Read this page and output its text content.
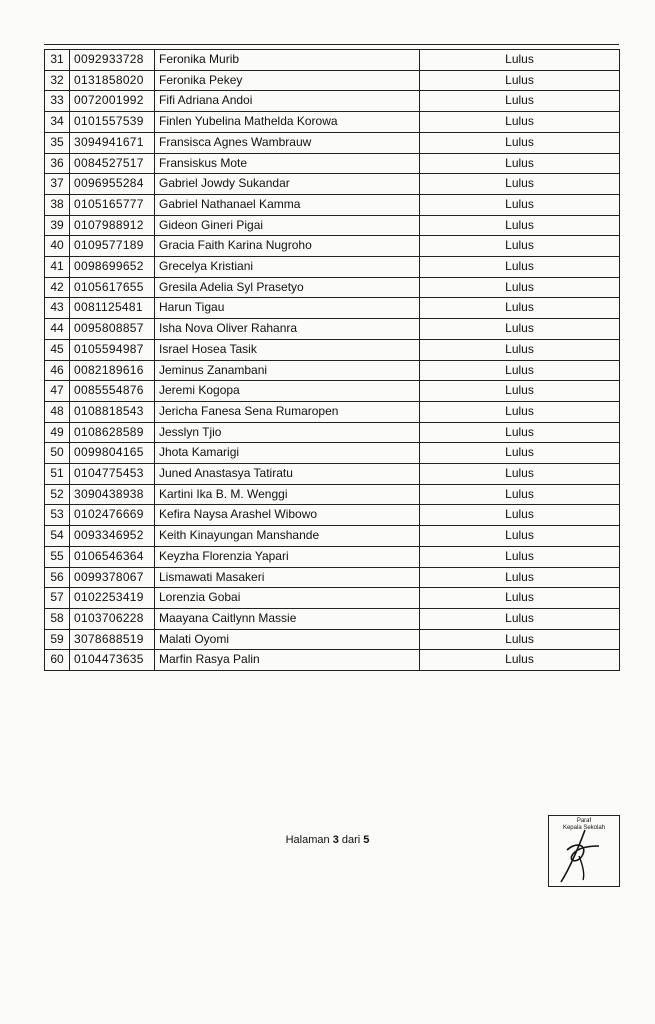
31	0092933728	Feronika Murib	Lulus
32	0131858020	Feronika Pekey	Lulus
33	0072001992	Fifi Adriana Andoi	Lulus
34	0101557539	Finlen Yubelina Mathelda Korowa	Lulus
35	3094941671	Fransisca Agnes Wambrauw	Lulus
36	0084527517	Fransiskus Mote	Lulus
37	0096955284	Gabriel Jowdy Sukandar	Lulus
38	0105165777	Gabriel Nathanael Kamma	Lulus
39	0107988912	Gideon Gineri Pigai	Lulus
40	0109577189	Gracia Faith Karina Nugroho	Lulus
41	0098699652	Grecelya Kristiani	Lulus
42	0105617655	Gresila Adelia Syl Prasetyo	Lulus
43	0081125481	Harun Tigau	Lulus
44	0095808857	Isha Nova Oliver Rahanra	Lulus
45	0105594987	Israel Hosea Tasik	Lulus
46	0082189616	Jeminus Zanambani	Lulus
47	0085554876	Jeremi Kogopa	Lulus
48	0108818543	Jericha Fanesa Sena Rumaropen	Lulus
49	0108628589	Jesslyn Tjio	Lulus
50	0099804165	Jhota Kamarigi	Lulus
51	0104775453	Juned Anastasya Tatiratu	Lulus
52	3090438938	Kartini Ika B. M. Wenggi	Lulus
53	0102476669	Kefira Naysa Arashel Wibowo	Lulus
54	0093346952	Keith Kinayungan Manshande	Lulus
55	0106546364	Keyzha Florenzia Yapari	Lulus
56	0099378067	Lismawati Masakeri	Lulus
57	0102253419	Lorenzia Gobai	Lulus
58	0103706228	Maayana Caitlynn Massie	Lulus
59	3078688519	Malati Oyomi	Lulus
60	0104473635	Marfin Rasya Palin	Lulus
Halaman 3 dari 5
Paraf
Kepala Sekolah
